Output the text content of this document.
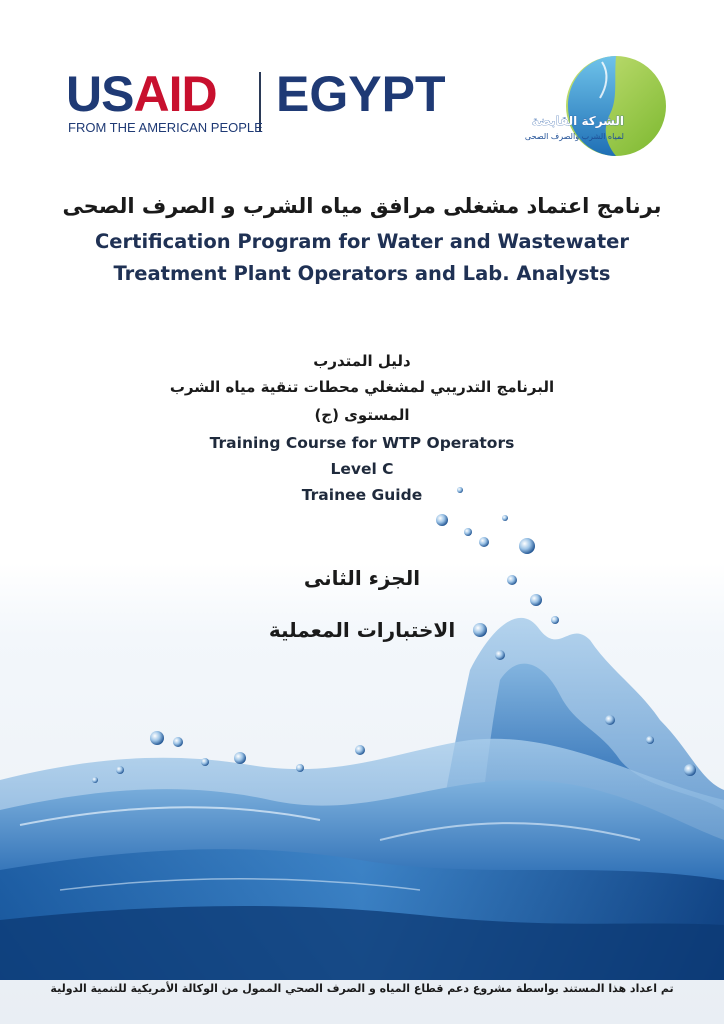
USAID EGYPT
FROM THE AMERICAN PEOPLE	الشركة القابضة
لمياه الشرب والصرف الصحى
برنامج اعتماد مشغلى مرافق مياه الشرب و الصرف الصحى
Certification Program for Water and Wastewater
Treatment Plant Operators and Lab. Analysts
دليل المتدرب
البرنامج التدريبي لمشغلي محطات تنقية مياه الشرب
المستوى (ج)
Training Course for WTP Operators
Level C
Trainee Guide
الجزء الثانى
الاختبارات المعملية
تم اعداد هذا المستند بواسطة مشروع دعم قطاع المياه و الصرف الصحي الممول من الوكالة الأمريكية للتنمية الدولية
